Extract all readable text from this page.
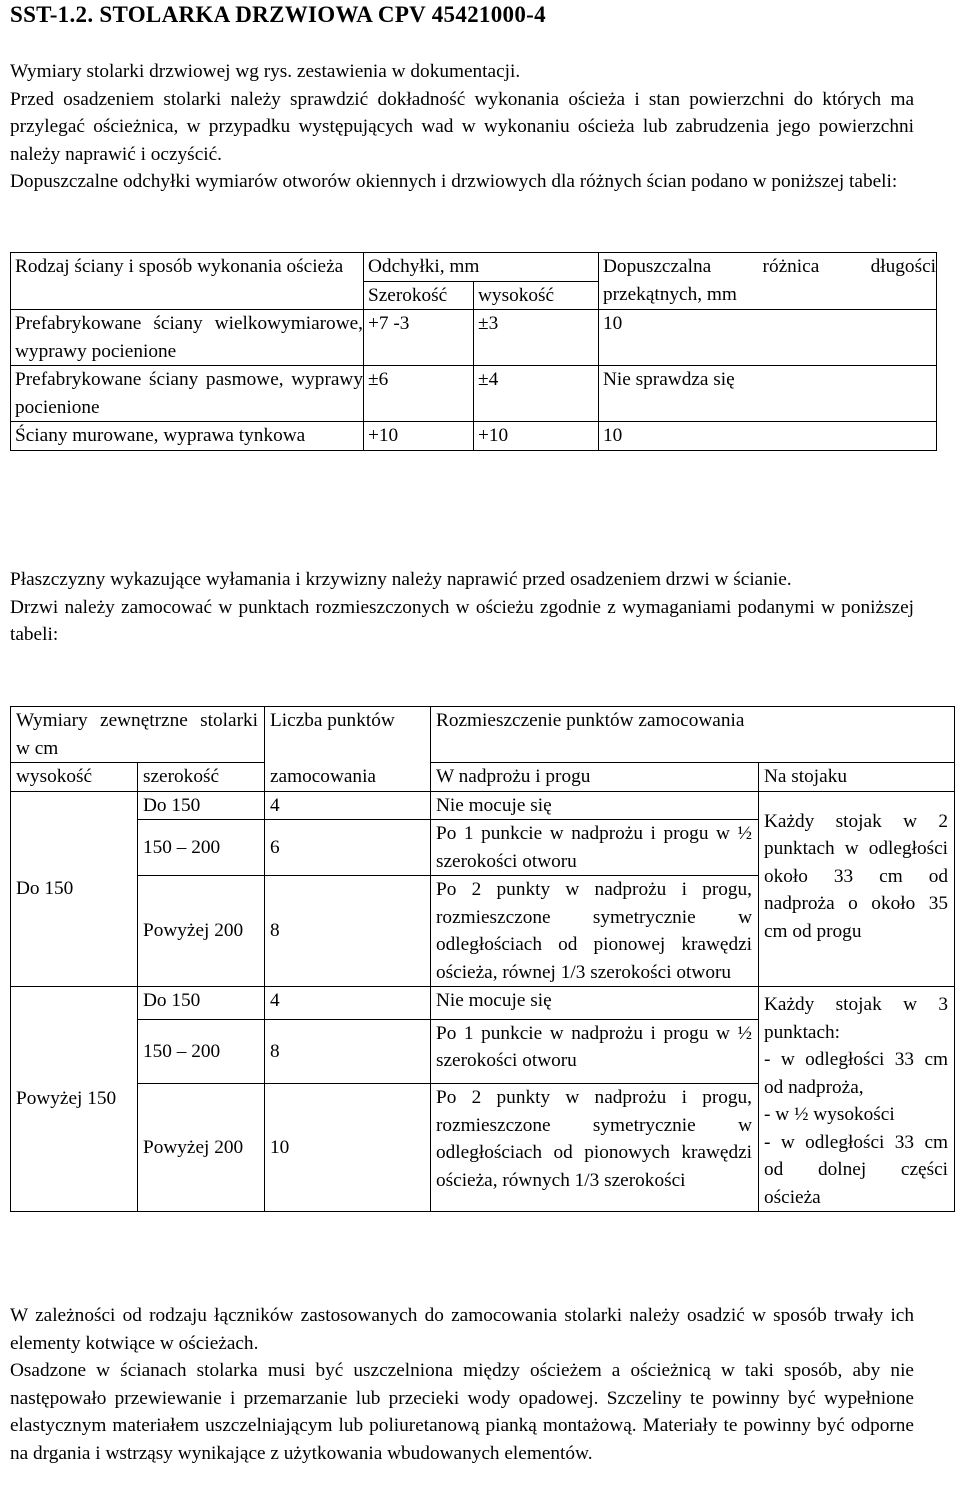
SST-1.2. STOLARKA DRZWIOWA CPV 45421000-4

Wymiary stolarki drzwiowej wg rys. zestawienia w dokumentacji.

Przed osadzeniem stolarki należy sprawdzić dokładność wykonania ościeża i stan powierzchni do których ma przylegać ościeżnica, w przypadku występujących wad w wykonaniu ościeża lub zabrudzenia jego powierzchni należy naprawić i oczyścić.

Dopuszczalne odchyłki wymiarów otworów okiennych i drzwiowych dla różnych ścian podano w poniższej tabeli:

Rodzaj ściany i sposób wykonania ościeża	Odchyłki, mm		Dopuszczalna różnica długości przekątnych, mm
	Szerokość	wysokość	
Prefabrykowane ściany wielkowymiarowe, wyprawy pocienione	+7 -3	±3	10
Prefabrykowane ściany pasmowe, wyprawy pocienione	±6	±4	Nie sprawdza się
Ściany murowane, wyprawa tynkowa	+10	+10	10

Płaszczyzny wykazujące wyłamania i krzywizny należy naprawić przed osadzeniem drzwi w ścianie.

Drzwi należy zamocować w punktach rozmieszczonych w ościeżu zgodnie z wymaganiami podanymi w poniższej tabeli:

Wymiary zewnętrzne stolarki w cm		Liczba punktów	Rozmieszczenie punktów zamocowania	
wysokość	szerokość	zamocowania	W nadprożu i progu	Na stojaku
Do 150	Do 150	4	Nie mocuje się	Każdy stojak w 2 punktach w odległości około 33 cm od nadproża o około 35 cm od progu
	150 – 200	6	Po 1 punkcie w nadprożu i progu w ½ szerokości otworu	
	Powyżej 200	8	Po 2 punkty w nadprożu i progu, rozmieszczone symetrycznie w odległościach od pionowej krawędzi ościeża, równej 1/3 szerokości otworu	
Powyżej 150	Do 150	4	Nie mocuje się	Każdy stojak w 3 punktach:
- w odległości 33 cm od nadproża,
- w ½ wysokości
- w odległości 33 cm od dolnej części ościeża
	150 – 200	8	Po 1 punkcie w nadprożu i progu w ½ szerokości otworu	
	Powyżej 200	10	Po 2 punkty w nadprożu i progu, rozmieszczone symetrycznie w odległościach od pionowych krawędzi ościeża, równych 1/3 szerokości	

W zależności od rodzaju łączników zastosowanych do zamocowania stolarki należy osadzić w sposób trwały ich elementy kotwiące w ościeżach.

Osadzone w ścianach stolarka musi być uszczelniona między ościeżem a ościeżnicą w taki sposób, aby nie następowało przewiewanie i przemarzanie lub przecieki wody opadowej. Szczeliny te powinny być wypełnione elastycznym materiałem uszczelniającym lub poliuretanową pianką montażową. Materiały te powinny być odporne na drgania i wstrząsy wynikające z użytkowania wbudowanych elementów.
